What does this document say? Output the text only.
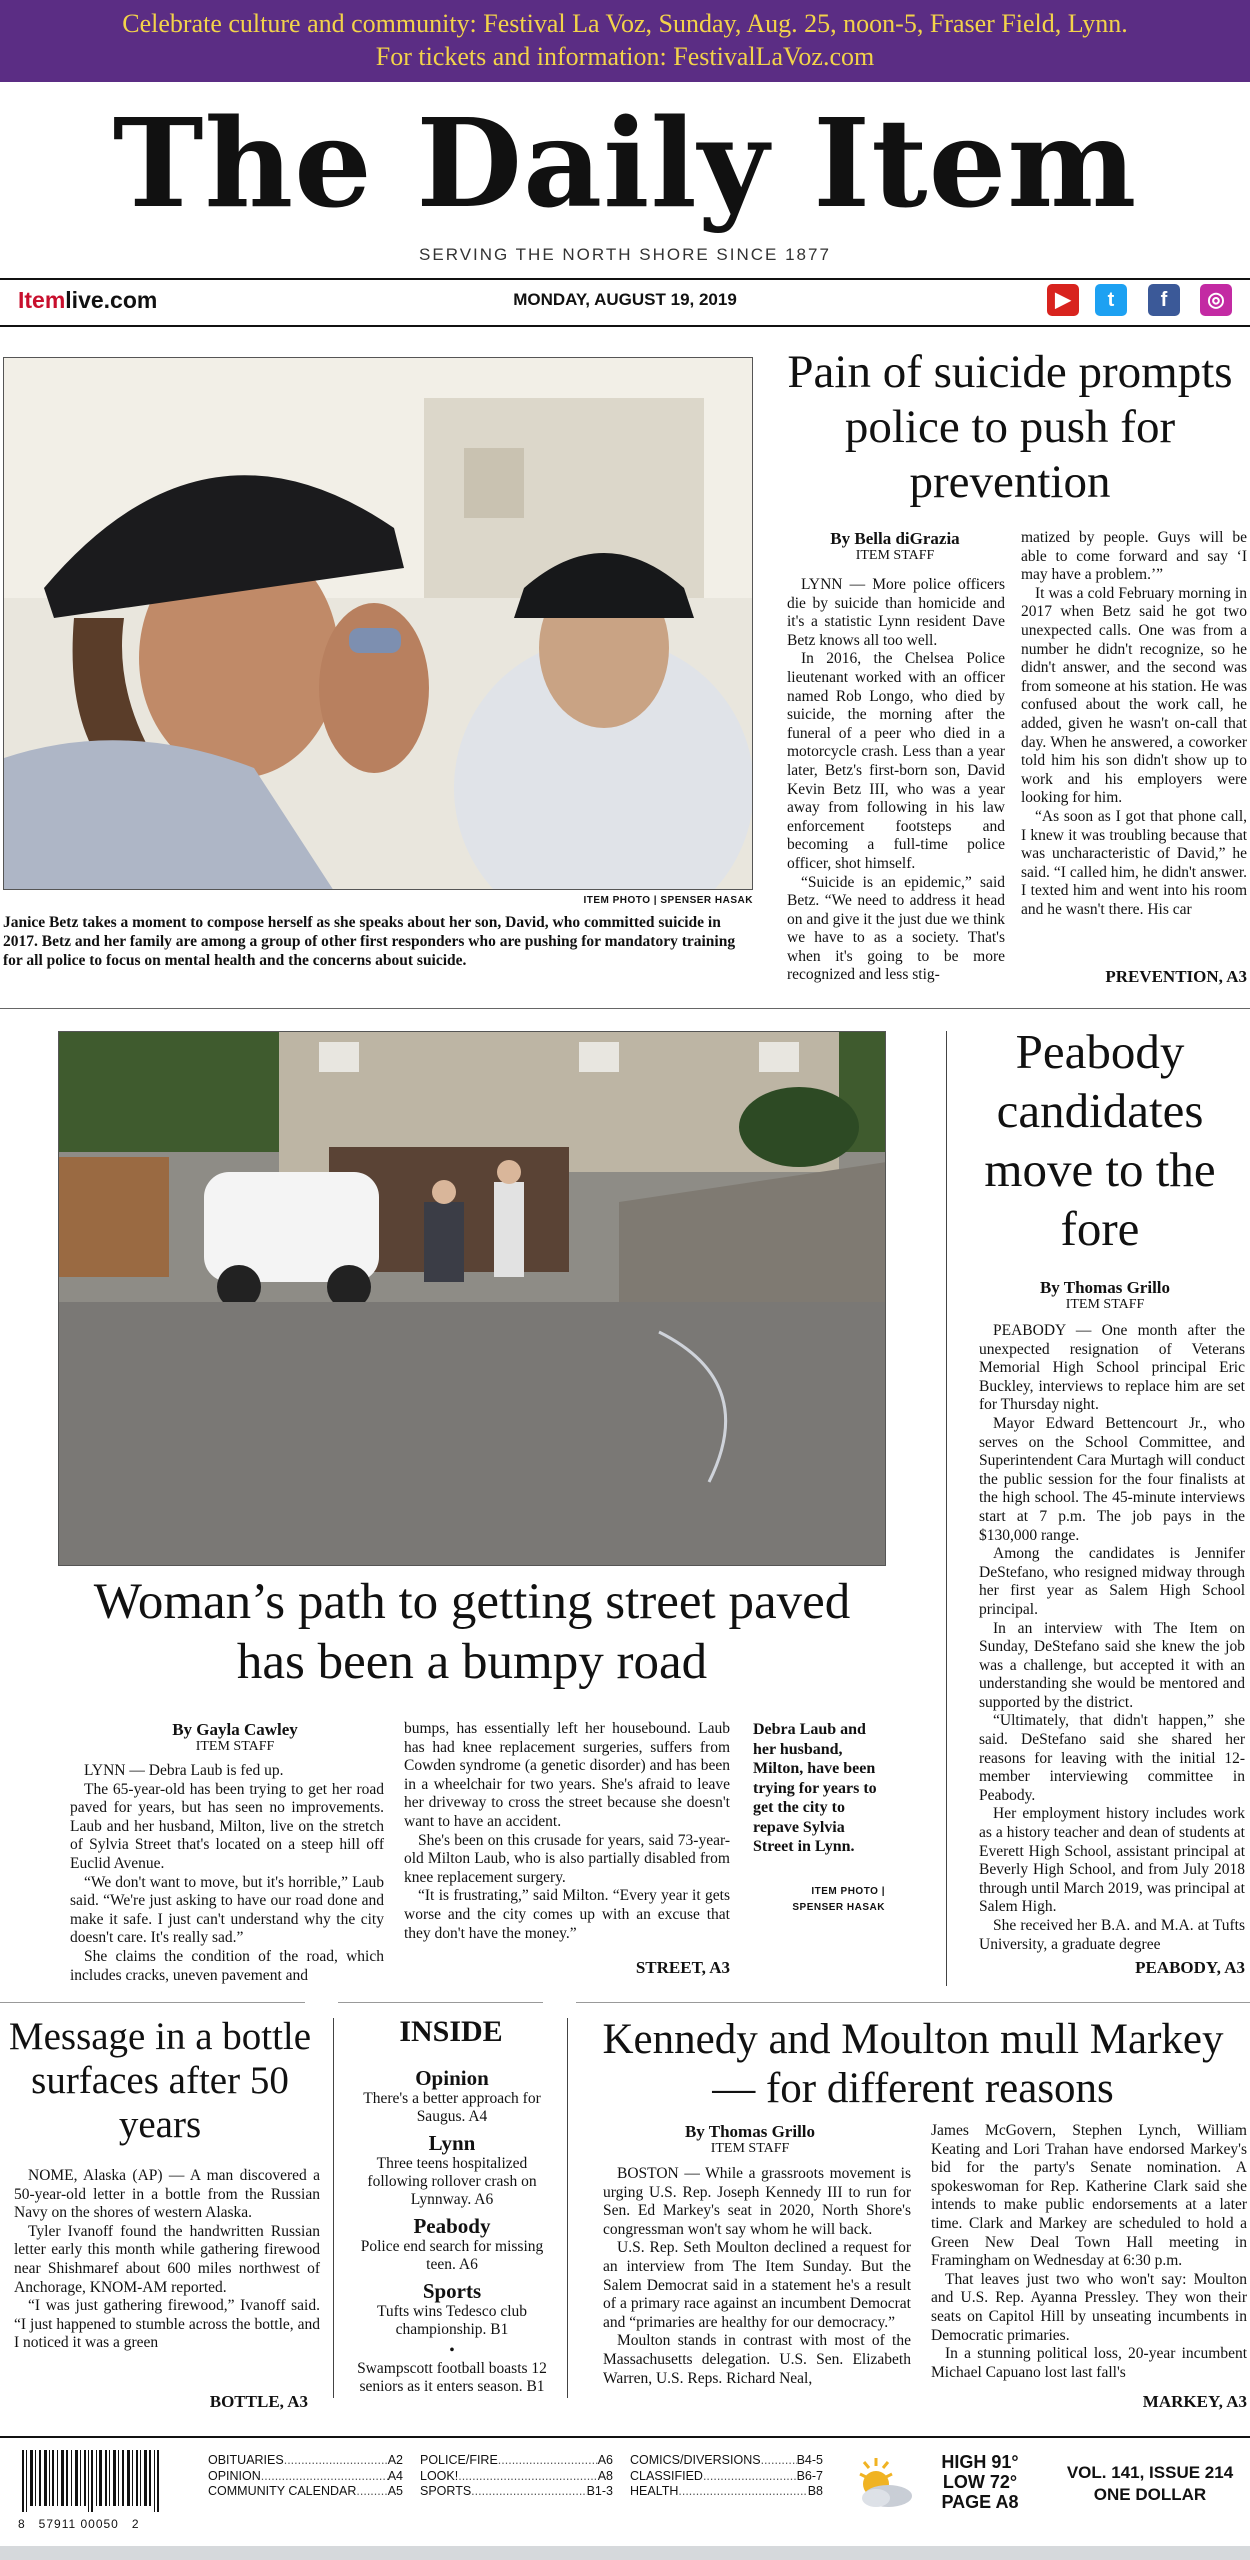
Celebrate culture and community: Festival La Voz, Sunday, Aug. 25, noon-5, Fraser Field, Lynn.
For tickets and information: FestivalLaVoz.com
The Daily Item
SERVING THE NORTH SHORE SINCE 1877
Itemlive.com	MONDAY, AUGUST 19, 2019	▶	t	f	◎
ITEM PHOTO | SPENSER HASAK
Janice Betz takes a moment to compose herself as she speaks about her son, David, who committed suicide in 2017. Betz and her family are among a group of other first responders who are pushing for mandatory training for all police to focus on mental health and the concerns about suicide.
Pain of suicide prompts police to push for prevention
By Bella diGrazia
ITEM STAFF

LYNN — More police officers die by suicide than homicide and it's a statistic Lynn resident Dave Betz knows all too well.

In 2016, the Chelsea Police lieutenant worked with an officer named Rob Longo, who died by suicide, the morning after the funeral of a peer who died in a motorcycle crash. Less than a year later, Betz's first-born son, David Kevin Betz III, who was a year away from following in his law enforcement footsteps and becoming a full-time police officer, shot himself.

“Suicide is an epidemic,” said Betz. “We need to address it head on and give it the just due we think we have to as a society. That's when it's going to be more recognized and less stig-

matized by people. Guys will be able to come forward and say ‘I may have a problem.’”

It was a cold February morning in 2017 when Betz said he got two unexpected calls. One was from a number he didn't recognize, so he didn't answer, and the second was from someone at his station. He was confused about the work call, he added, given he wasn't on-call that day. When he answered, a coworker told him his son didn't show up to work and his employers were looking for him.

“As soon as I got that phone call, I knew it was troubling because that was uncharacteristic of David,” he said. “I called him, he didn't answer. I texted him and went into his room and he wasn't there. His car

PREVENTION, A3
Woman’s path to getting street paved has been a bumpy road
By Gayla Cawley
ITEM STAFF

LYNN — Debra Laub is fed up.

The 65-year-old has been trying to get her road paved for years, but has seen no improvements. Laub and her husband, Milton, live on the stretch of Sylvia Street that's located on a steep hill off Euclid Avenue.

“We don't want to move, but it's horrible,” Laub said. “We're just asking to have our road done and make it safe. I just can't understand why the city doesn't care. It's really sad.”

She claims the condition of the road, which includes cracks, uneven pavement and

bumps, has essentially left her housebound. Laub has had knee replacement surgeries, suffers from Cowden syndrome (a genetic disorder) and has been in a wheelchair for two years. She's afraid to leave her driveway to cross the street because she doesn't want to have an accident.

She's been on this crusade for years, said 73-year-old Milton Laub, who is also partially disabled from knee replacement surgery.

“It is frustrating,” said Milton. “Every year it gets worse and the city comes up with an excuse that they don't have the money.”

STREET, A3
Debra Laub and her husband, Milton, have been trying for years to get the city to repave Sylvia Street in Lynn.
ITEM PHOTO |
SPENSER HASAK
Peabody candidates move to the fore
By Thomas Grillo
ITEM STAFF

PEABODY — One month after the unexpected resignation of Veterans Memorial High School principal Eric Buckley, interviews to replace him are set for Thursday night.

Mayor Edward Bettencourt Jr., who serves on the School Committee, and Superintendent Cara Murtagh will conduct the public session for the four finalists at the high school. The 45-minute interviews start at 7 p.m. The job pays in the $130,000 range.

Among the candidates is Jennifer DeStefano, who resigned midway through her first year as Salem High School principal.

In an interview with The Item on Sunday, DeStefano said she knew the job was a challenge, but accepted it with an understanding she would be mentored and supported by the district.

“Ultimately, that didn't happen,” she said. DeStefano said she shared her reasons for leaving with the initial 12-member interviewing committee in Peabody.

Her employment history includes work as a history teacher and dean of students at Everett High School, assistant principal at Beverly High School, and from July 2018 through until March 2019, was principal at Salem High.

She received her B.A. and M.A. at Tufts University, a graduate degree

PEABODY, A3
Message in a bottle surfaces after 50 years

NOME, Alaska (AP) — A man discovered a 50-year-old letter in a bottle from the Russian Navy on the shores of western Alaska.

Tyler Ivanoff found the handwritten Russian letter early this month while gathering firewood near Shishmaref about 600 miles northwest of Anchorage, KNOM-AM reported.

“I was just gathering firewood,” Ivanoff said. “I just happened to stumble across the bottle, and I noticed it was a green

BOTTLE, A3
INSIDE
Opinion
There's a better approach for Saugus. A4
Lynn
Three teens hospitalized following rollover crash on Lynnway. A6
Peabody
Police end search for missing teen. A6
Sports
Tufts wins Tedesco club championship. B1
•
Swampscott football boasts 12 seniors as it enters season. B1
Kennedy and Moulton mull Markey — for different reasons
By Thomas Grillo
ITEM STAFF

BOSTON — While a grassroots movement is urging U.S. Rep. Joseph Kennedy III to run for Sen. Ed Markey's seat in 2020, North Shore's congressman won't say whom he will back.

U.S. Rep. Seth Moulton declined a request for an interview from The Item Sunday. But the Salem Democrat said in a statement he's a result of a primary race against an incumbent Democrat and “primaries are healthy for our democracy.”

Moulton stands in contrast with most of the Massachusetts delegation. U.S. Sen. Elizabeth Warren, U.S. Reps. Richard Neal,

James McGovern, Stephen Lynch, William Keating and Lori Trahan have endorsed Markey's bid for the party's Senate nomination. A spokeswoman for Rep. Katherine Clark said she intends to make public endorsements at a later time. Clark and Markey are scheduled to hold a Green New Deal Town Hall meeting in Framingham on Wednesday at 6:30 p.m.

That leaves just two who won't say: Moulton and U.S. Rep. Ayanna Pressley. They won their seats on Capitol Hill by unseating incumbents in Democratic primaries.

In a stunning political loss, 20-year incumbent Michael Capuano lost last fall's

MARKEY, A3
8   57911 00050   2
OBITUARIES .....	A2
OPINION .....	A4
COMMUNITY CALENDAR .....	A5
POLICE/FIRE .....	A6
LOOK! .....	A8
SPORTS .....	B1-3
COMICS/DIVERSIONS .....	B4-5
CLASSIFIED .....	B6-7
HEALTH .....	B8
HIGH 91°
LOW 72°
PAGE A8
VOL. 141, ISSUE 214
ONE DOLLAR
